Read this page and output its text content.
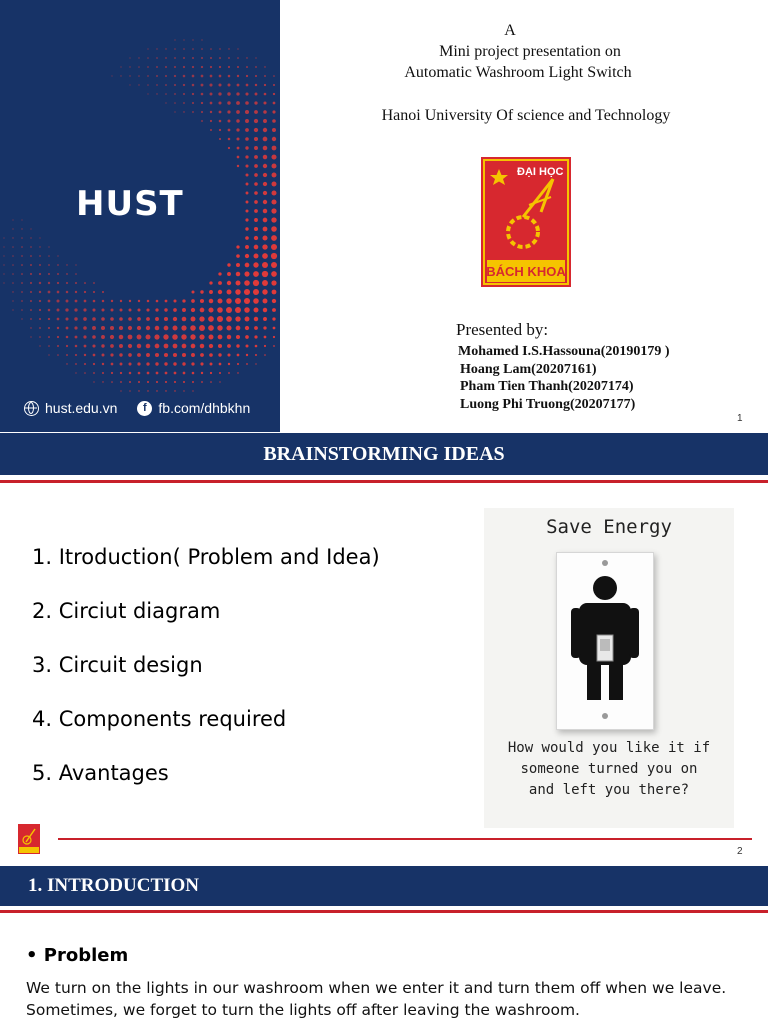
HUST
hust.edu.vn	f fb.com/dhbkhn
A
Mini project presentation on
Automatic Washroom Light Switch
Hanoi University Of science and Technology
ĐẠI HỌC
BÁCH KHOA
Presented by:
Mohamed I.S.Hassouna(20190179 )
Hoang Lam(20207161)
Pham Tien Thanh(20207174)
Luong Phi Truong(20207177)
1
BRAINSTORMING IDEAS
1. Itroduction( Problem and Idea)
2. Circiut diagram
3. Circuit design
4. Components required
5. Avantages
Save Energy
How would you like it if
someone turned you on
and left you there?
2
1. INTRODUCTION
• Problem
We turn on the lights in our washroom when we enter it and turn them off when we leave. Sometimes, we forget to turn the lights off after leaving the washroom.
